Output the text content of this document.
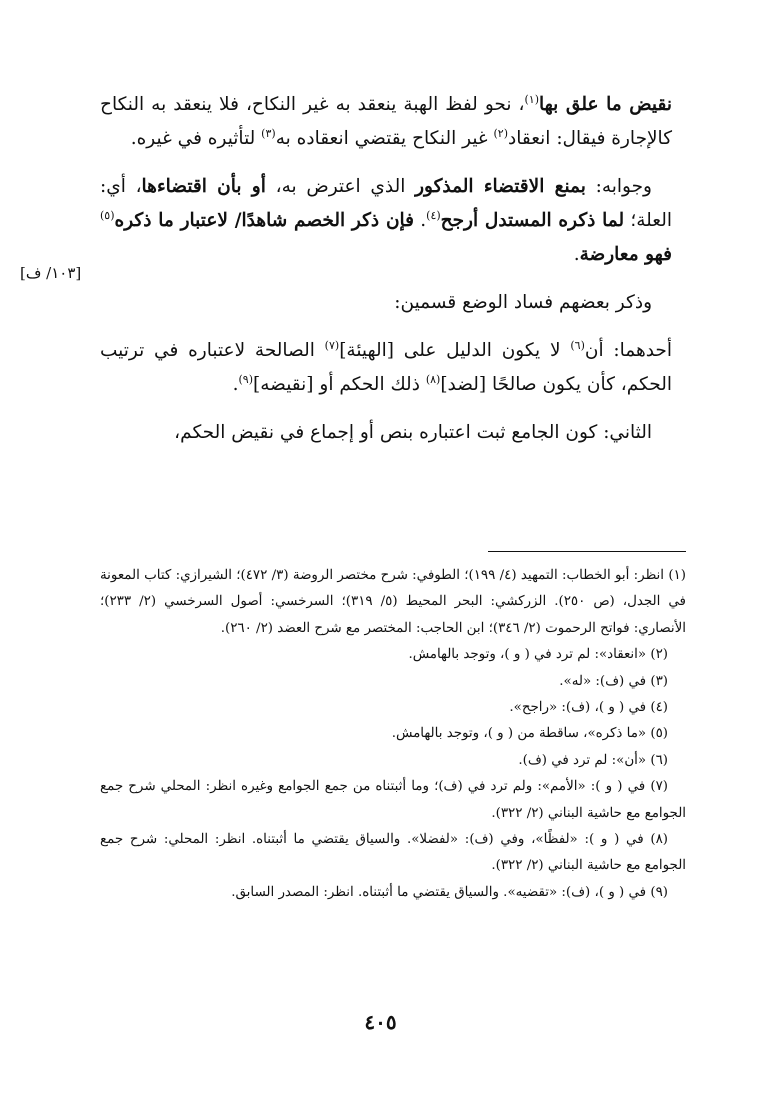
نقيض ما علق بها$^{(١)}$، نحو لفظ الهبة ينعقد به غير النكاح، فلا ينعقد به النكاح كالإجارة فيقال: انعقاد$^{(٢)}$ غير النكاح يقتضي انعقاده به$^{(٣)}$ لتأثيره في غيره.

وجوابه: بمنع الاقتضاء المذكور الذي اعترض به، أو بأن اقتضاءها، أي: العلة؛ لما ذكره المستدل أرجح$^{(٤)}$. فإن ذكر الخصم شاهدًا/ لاعتبار ما ذكره$^{(٥)}$ فهو معارضة.

وذكر بعضهم فساد الوضع قسمين:

أحدهما: أن$^{(٦)}$ لا يكون الدليل على [الهيئة]$^{(٧)}$ الصالحة لاعتباره في ترتيب الحكم، كأن يكون صالحًا [لضد]$^{(٨)}$ ذلك الحكم أو [نقيضه]$^{(٩)}$.

الثاني: كون الجامع ثبت اعتباره بنص أو إجماع في نقيض الحكم،

[١٠٣/ ف]

(١) انظر: أبو الخطاب: التمهيد (٤/ ١٩٩)؛ الطوفي: شرح مختصر الروضة (٣/ ٤٧٢)؛ الشيرازي: كتاب المعونة في الجدل، (ص ٢٥٠). الزركشي: البحر المحيط (٥/ ٣١٩)؛ السرخسي: أصول السرخسي (٢/ ٢٣٣)؛ الأنصاري: فواتح الرحموت (٢/ ٣٤٦)؛ ابن الحاجب: المختصر مع شرح العضد (٢/ ٢٦٠).

(٢) «انعقاد»: لم ترد في ( و )، وتوجد بالهامش.

(٣) في (ف): «له».

(٤) في ( و )، (ف): «راجح».

(٥) «ما ذكره»، ساقطة من ( و )، وتوجد بالهامش.

(٦) «أن»: لم ترد في (ف).

(٧) في ( و ): «الأمم»: ولم ترد في (ف)؛ وما أثبتناه من جمع الجوامع وغيره انظر: المحلي شرح جمع الجوامع مع حاشية البناني (٢/ ٣٢٢).

(٨) في ( و ): «لفظًا»، وفي (ف): «لفضلا». والسياق يقتضي ما أثبتناه. انظر: المحلي: شرح جمع الجوامع مع حاشية البناني (٢/ ٣٢٢).

(٩) في ( و )، (ف): «تقضيه». والسياق يقتضي ما أثبتناه. انظر: المصدر السابق.

٤٠٥
